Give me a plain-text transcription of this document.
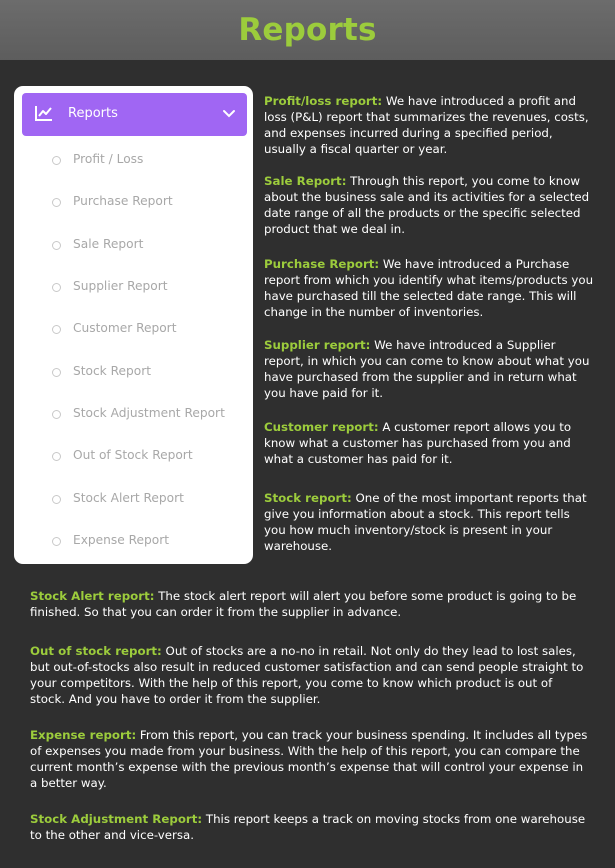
Reports
Reports
Profit / Loss
Purchase Report
Sale Report
Supplier Report
Customer Report
Stock Report
Stock Adjustment Report
Out of Stock Report
Stock Alert Report
Expense Report

Profit/loss report: We have introduced a profit and loss (P&L) report that summarizes the revenues, costs, and expenses incurred during a specified period, usually a fiscal quarter or year.

Sale Report: Through this report, you come to know about the business sale and its activities for a selected date range of all the products or the specific selected product that we deal in.

Purchase Report: We have introduced a Purchase report from which you identify what items/products you have purchased till the selected date range. This will change in the number of inventories.

Supplier report: We have introduced a Supplier report, in which you can come to know about what you have purchased from the supplier and in return what you have paid for it.

Customer report: A customer report allows you to know what a customer has purchased from you and what a customer has paid for it.

Stock report: One of the most important reports that give you information about a stock. This report tells you how much inventory/stock is present in your warehouse.

Stock Alert report: The stock alert report will alert you before some product is going to be finished. So that you can order it from the supplier in advance.

Out of stock report: Out of stocks are a no-no in retail. Not only do they lead to lost sales, but out-of-stocks also result in reduced customer satisfaction and can send people straight to your competitors. With the help of this report, you come to know which product is out of stock. And you have to order it from the supplier.

Expense report: From this report, you can track your business spending. It includes all types of expenses you made from your business. With the help of this report, you can compare the current month’s expense with the previous month’s expense that will control your expense in a better way.

Stock Adjustment Report: This report keeps a track on moving stocks from one warehouse to the other and vice-versa.
